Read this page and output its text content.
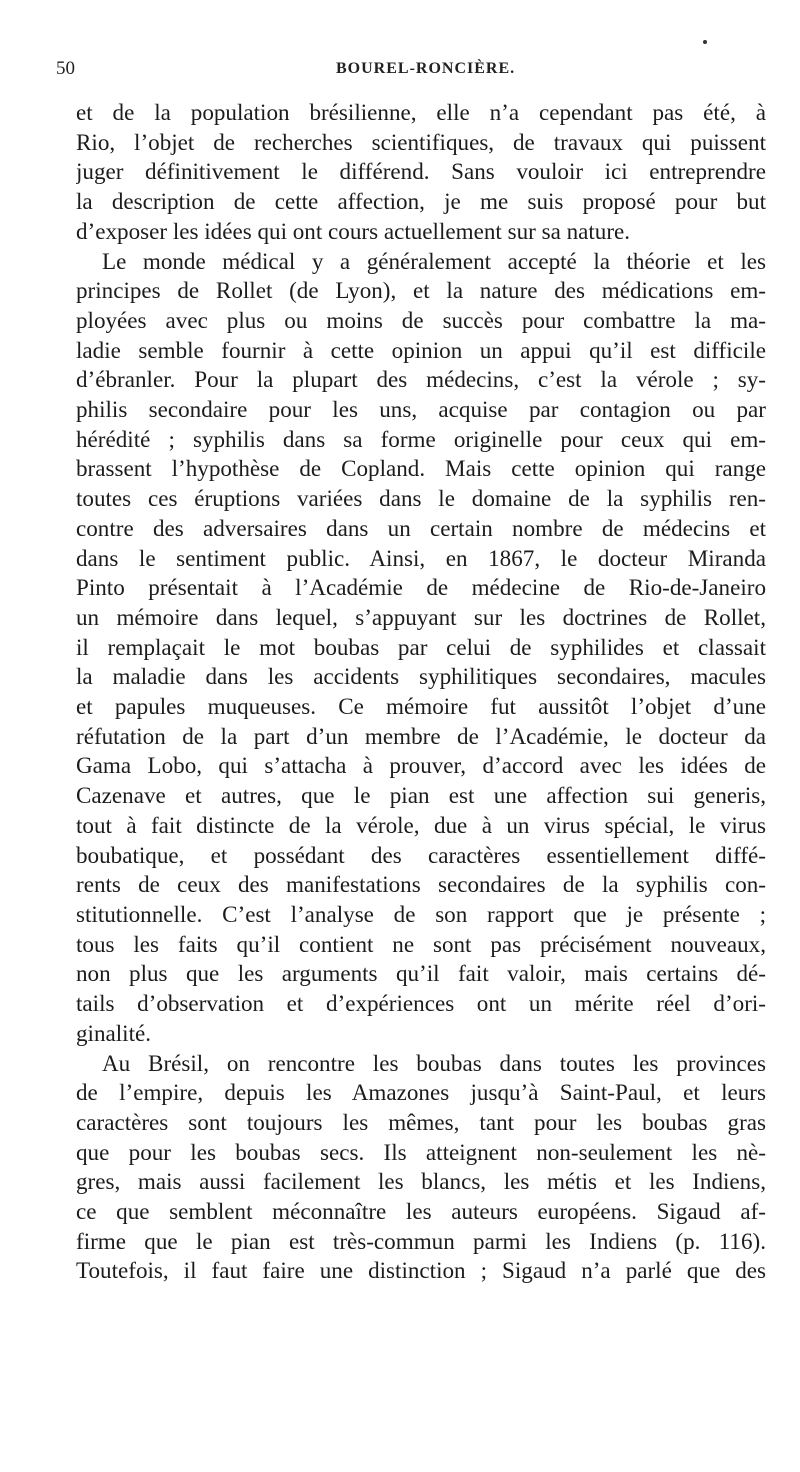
50	BOUREL-RONCIÈRE.
et de la population brésilienne, elle n’a cependant pas été, à
Rio, l’objet de recherches scientifiques, de travaux qui puissent
juger définitivement le différend. Sans vouloir ici entreprendre
la description de cette affection, je me suis proposé pour but
d’exposer les idées qui ont cours actuellement sur sa nature.
Le monde médical y a généralement accepté la théorie et les
principes de Rollet (de Lyon), et la nature des médications em-
ployées avec plus ou moins de succès pour combattre la ma-
ladie semble fournir à cette opinion un appui qu’il est difficile
d’ébranler. Pour la plupart des médecins, c’est la vérole ; sy-
philis secondaire pour les uns, acquise par contagion ou par
hérédité ; syphilis dans sa forme originelle pour ceux qui em-
brassent l’hypothèse de Copland. Mais cette opinion qui range
toutes ces éruptions variées dans le domaine de la syphilis ren-
contre des adversaires dans un certain nombre de médecins et
dans le sentiment public. Ainsi, en 1867, le docteur Miranda
Pinto présentait à l’Académie de médecine de Rio-de-Janeiro
un mémoire dans lequel, s’appuyant sur les doctrines de Rollet,
il remplaçait le mot boubas par celui de syphilides et classait
la maladie dans les accidents syphilitiques secondaires, macules
et papules muqueuses. Ce mémoire fut aussitôt l’objet d’une
réfutation de la part d’un membre de l’Académie, le docteur da
Gama Lobo, qui s’attacha à prouver, d’accord avec les idées de
Cazenave et autres, que le pian est une affection sui generis,
tout à fait distincte de la vérole, due à un virus spécial, le virus
boubatique, et possédant des caractères essentiellement diffé-
rents de ceux des manifestations secondaires de la syphilis con-
stitutionnelle. C’est l’analyse de son rapport que je présente ;
tous les faits qu’il contient ne sont pas précisément nouveaux,
non plus que les arguments qu’il fait valoir, mais certains dé-
tails d’observation et d’expériences ont un mérite réel d’ori-
ginalité.
Au Brésil, on rencontre les boubas dans toutes les provinces
de l’empire, depuis les Amazones jusqu’à Saint-Paul, et leurs
caractères sont toujours les mêmes, tant pour les boubas gras
que pour les boubas secs. Ils atteignent non-seulement les nè-
gres, mais aussi facilement les blancs, les métis et les Indiens,
ce que semblent méconnaître les auteurs européens. Sigaud af-
firme que le pian est très-commun parmi les Indiens (p. 116).
Toutefois, il faut faire une distinction ; Sigaud n’a parlé que des
